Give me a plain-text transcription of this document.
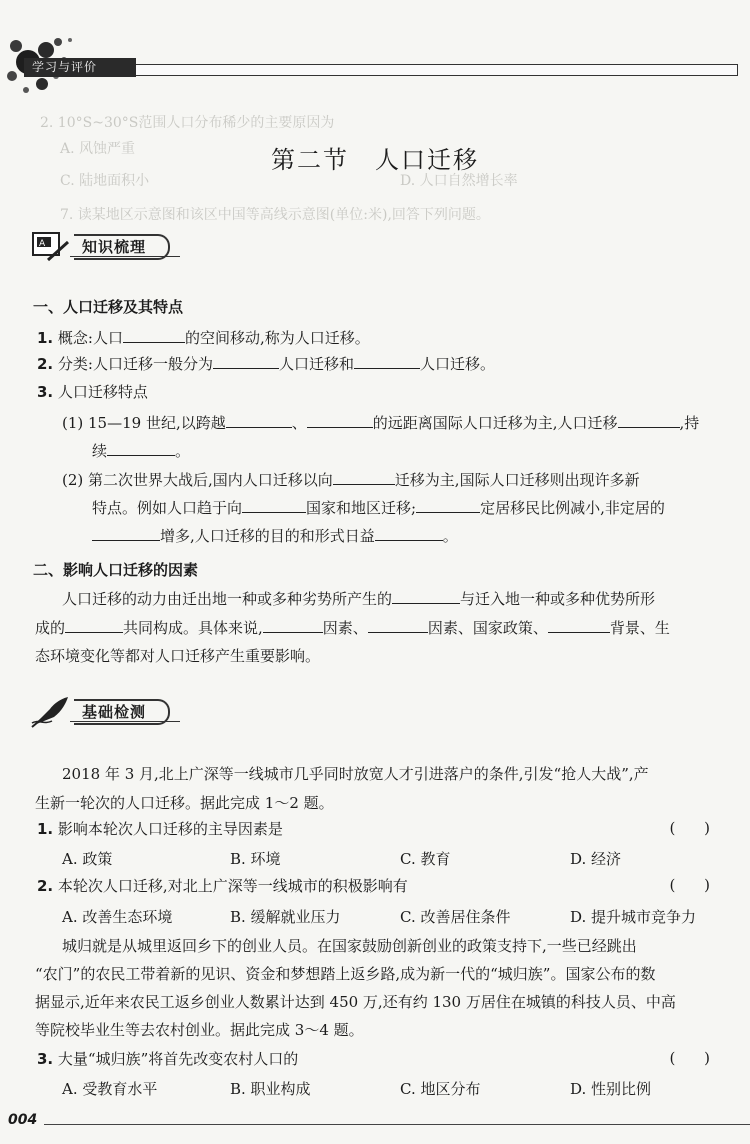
学习与评价
2. 10°S~30°S范围人口分布稀少的主要原因为
A. 风蚀严重
C. 陆地面积小	D. 人口自然增长率
7. 读某地区示意图和该区中国等高线示意图(单位:米),回答下列问题。
第二节　人口迁移
A	知识梳理
一、人口迁移及其特点
1. 概念:人口	的空间移动,称为人口迁移。
2. 分类:人口迁移一般分为	人口迁移和	人口迁移。
3. 人口迁移特点
(1) 15—19 世纪,以跨越	、	的远距离国际人口迁移为主,人口迁移	,持
续	。
(2) 第二次世界大战后,国内人口迁移以向	迁移为主,国际人口迁移则出现许多新
特点。例如人口趋于向	国家和地区迁移;	定居移民比例减小,非定居的
增多,人口迁移的目的和形式日益	。
二、影响人口迁移的因素
人口迁移的动力由迁出地一种或多种劣势所产生的	与迁入地一种或多种优势所形
成的	共同构成。具体来说,	因素、	因素、国家政策、	背景、生
态环境变化等都对人口迁移产生重要影响。
基础检测
2018 年 3 月,北上广深等一线城市几乎同时放宽人才引进落户的条件,引发“抢人大战”,产
生新一轮次的人口迁移。据此完成 1～2 题。
1. 影响本轮次人口迁移的主导因素是	( )
A. 政策	B. 环境	C. 教育	D. 经济
2. 本轮次人口迁移,对北上广深等一线城市的积极影响有	( )
A. 改善生态环境	B. 缓解就业压力	C. 改善居住条件	D. 提升城市竞争力
城归就是从城里返回乡下的创业人员。在国家鼓励创新创业的政策支持下,一些已经跳出
“农门”的农民工带着新的见识、资金和梦想踏上返乡路,成为新一代的“城归族”。国家公布的数
据显示,近年来农民工返乡创业人数累计达到 450 万,还有约 130 万居住在城镇的科技人员、中高
等院校毕业生等去农村创业。据此完成 3～4 题。
3. 大量“城归族”将首先改变农村人口的	( )
A. 受教育水平	B. 职业构成	C. 地区分布	D. 性别比例
004
